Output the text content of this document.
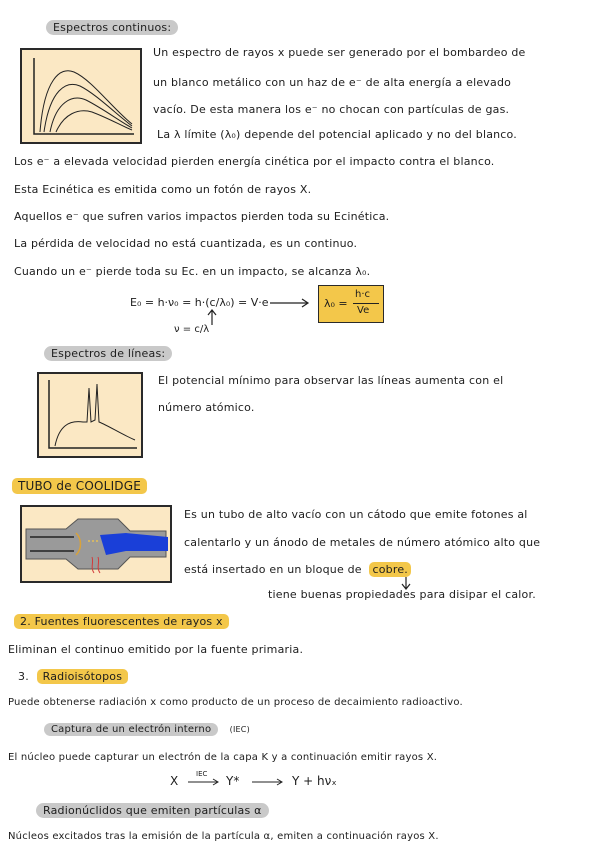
Espectros continuos:
Un espectro de rayos x puede ser generado por el bombardeo de
un blanco metálico con un haz de e⁻ de alta energía a elevado
vacío. De esta manera los e⁻ no chocan con partículas de gas.
La λ límite (λ₀) depende del potencial aplicado y no del blanco.
Los e⁻ a elevada velocidad pierden energía cinética por el impacto contra el blanco.
Esta Ecinética es emitida como un fotón de rayos X.
Aquellos e⁻ que sufren varios impactos pierden toda su Ecinética.
La pérdida de velocidad no está cuantizada, es un continuo.
Cuando un e⁻ pierde toda su Ec. en un impacto, se alcanza λ₀.
E₀ = h·ν₀ = h·(c/λ₀) = V·e
ν = c/λ
λ₀ =
h·c
Ve
Espectros de líneas:
El potencial mínimo para observar las líneas aumenta con el
número atómico.
TUBO de COOLIDGE
Es un tubo de alto vacío con un cátodo que emite fotones al
calentarlo y un ánodo de metales de número atómico alto que
está insertado en un bloque de cobre.
tiene buenas propiedades para disipar el calor.
2. Fuentes fluorescentes de rayos x
Eliminan el continuo emitido por la fuente primaria.
3. Radioisótopos
Puede obtenerse radiación x como producto de un proceso de decaimiento radioactivo.
Captura de un electrón interno (IEC)
El núcleo puede capturar un electrón de la capa K y a continuación emitir rayos X.
X	IEC Y*	Y + hνₓ
Radionúclidos que emiten partículas α
Núcleos excitados tras la emisión de la partícula α, emiten a continuación rayos X.
